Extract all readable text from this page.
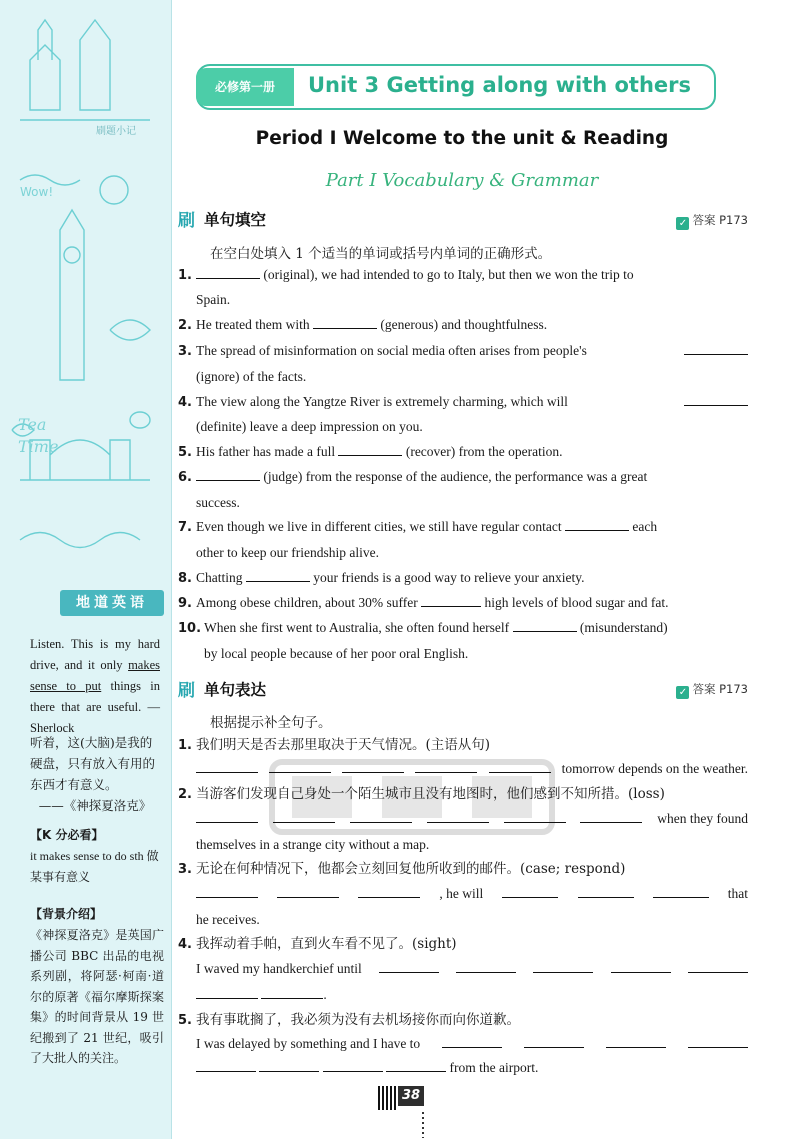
Tea
Time
Wow!
刷题小记
地道英语
Listen. This is my hard drive, and it only makes sense to put things in there that are useful. —Sherlock
听着，这(大脑)是我的硬盘，只有放入有用的东西才有意义。
——《神探夏洛克》
【K 分必看】
it makes sense to do sth 做某事有意义
【背景介绍】
《神探夏洛克》是英国广播公司 BBC 出品的电视系列剧，将阿瑟·柯南·道尔的原著《福尔摩斯探案集》的时间背景从 19 世纪搬到了 21 世纪，吸引了大批人的关注。
必修第一册	Unit 3 Getting along with others
Period I Welcome to the unit & Reading
Part I Vocabulary & Grammar
刷 单句填空	✓ 答案 P173
在空白处填入 1 个适当的单词或括号内单词的正确形式。
1.	(original), we had intended to go to Italy, but then we won the trip to
Spain.
2. He treated them with	(generous) and thoughtfulness.
3. The spread of misinformation on social media often arises from people's
(ignore) of the facts.
4. The view along the Yangtze River is extremely charming, which will
(definite) leave a deep impression on you.
5. His father has made a full	(recover) from the operation.
6.	(judge) from the response of the audience, the performance was a great
success.
7. Even though we live in different cities, we still have regular contact	each
other to keep our friendship alive.
8. Chatting	your friends is a good way to relieve your anxiety.
9. Among obese children, about 30% suffer	high levels of blood sugar and fat.
10. When she first went to Australia, she often found herself	(misunderstand)
by local people because of her poor oral English.
刷 单句表达	✓ 答案 P173
根据提示补全句子。
1. 我们明天是否去那里取决于天气情况。(主语从句)
tomorrow depends on the weather.
2. 当游客们发现自己身处一个陌生城市且没有地图时，他们感到不知所措。(loss)
when they found
themselves in a strange city without a map.
3. 无论在何种情况下，他都会立刻回复他所收到的邮件。(case; respond)
, he will	that
he receives.
4. 我挥动着手帕，直到火车看不见了。(sight)
I waved my handkerchief until
.
5. 我有事耽搁了，我必须为没有去机场接你而向你道歉。
I was delayed by something and I have to
from the airport.
38
